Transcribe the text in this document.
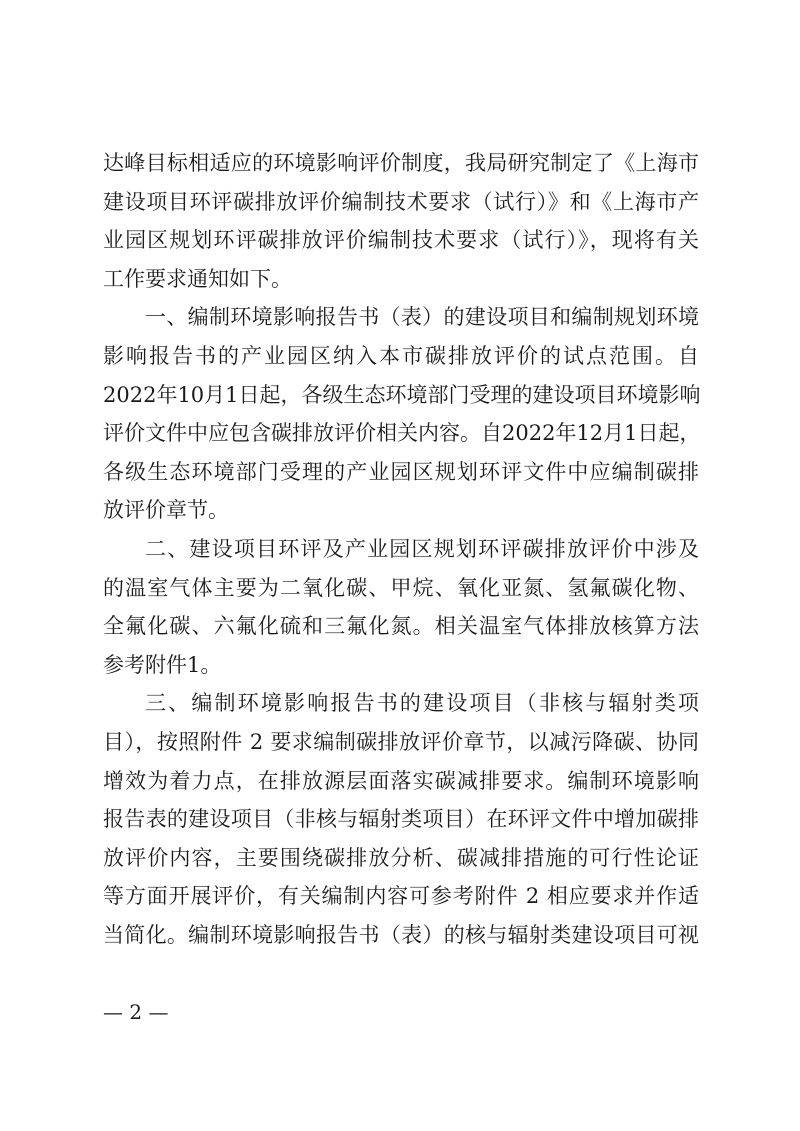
达峰目标相适应的环境影响评价制度，我局研究制定了《上海市
建设项目环评碳排放评价编制技术要求（试行）》和《上海市产
业园区规划环评碳排放评价编制技术要求（试行）》，现将有关
工作要求通知如下。
一、编制环境影响报告书（表）的建设项目和编制规划环境
影响报告书的产业园区纳入本市碳排放评价的试点范围。自
2022年10月1日起，各级生态环境部门受理的建设项目环境影响
评价文件中应包含碳排放评价相关内容。自2022年12月1日起，
各级生态环境部门受理的产业园区规划环评文件中应编制碳排
放评价章节。
二、建设项目环评及产业园区规划环评碳排放评价中涉及
的温室气体主要为二氧化碳、甲烷、氧化亚氮、氢氟碳化物、
全氟化碳、六氟化硫和三氟化氮。相关温室气体排放核算方法
参考附件1。
三、编制环境影响报告书的建设项目（非核与辐射类项
目），按照附件 2 要求编制碳排放评价章节，以减污降碳、协同
增效为着力点，在排放源层面落实碳减排要求。编制环境影响
报告表的建设项目（非核与辐射类项目）在环评文件中增加碳排
放评价内容，主要围绕碳排放分析、碳减排措施的可行性论证
等方面开展评价，有关编制内容可参考附件 2 相应要求并作适
当简化。编制环境影响报告书（表）的核与辐射类建设项目可视
— 2 —
